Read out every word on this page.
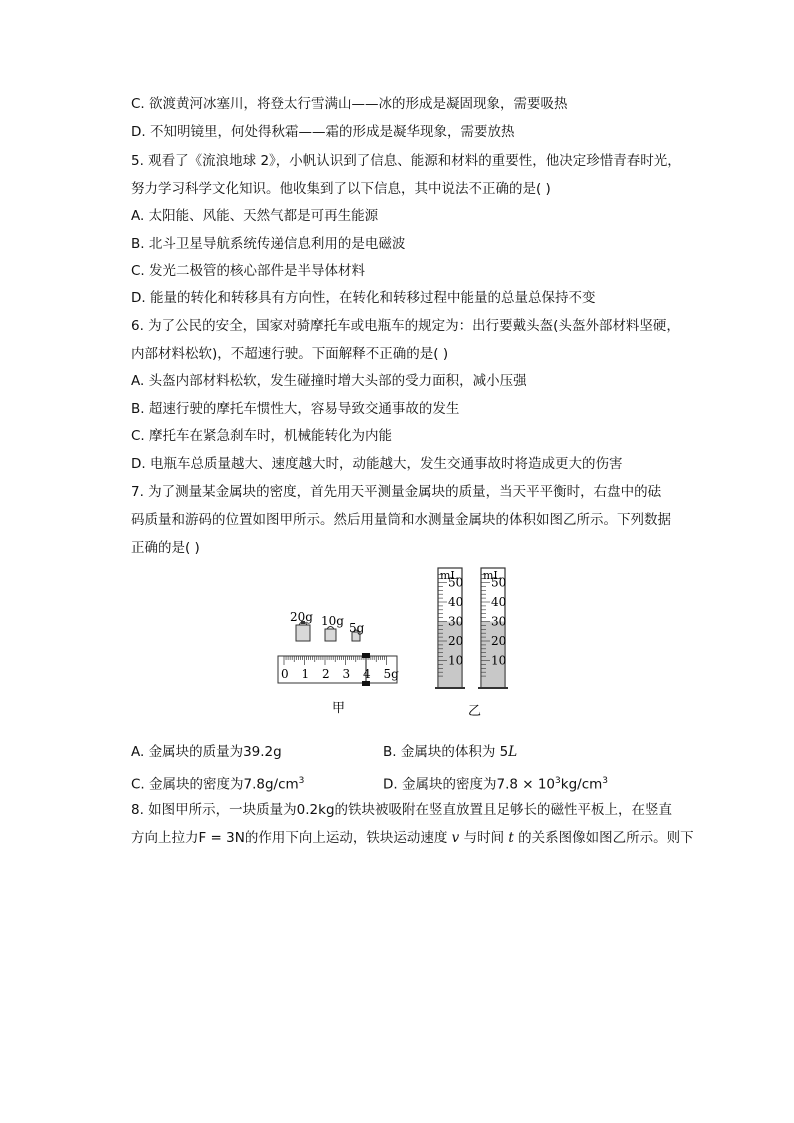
C. 欲渡黄河冰塞川，将登太行雪满山——冰的形成是凝固现象，需要吸热
D. 不知明镜里，何处得秋霜——霜的形成是凝华现象，需要放热
5. 观看了《流浪地球 2》，小帆认识到了信息、能源和材料的重要性，他决定珍惜青春时光，
努力学习科学文化知识。他收集到了以下信息，其中说法不正确的是( )
A. 太阳能、风能、天然气都是可再生能源
B. 北斗卫星导航系统传递信息利用的是电磁波
C. 发光二极管的核心部件是半导体材料
D. 能量的转化和转移具有方向性，在转化和转移过程中能量的总量总保持不变
6. 为了公民的安全，国家对骑摩托车或电瓶车的规定为：出行要戴头盔(头盔外部材料坚硬，
内部材料松软)，不超速行驶。下面解释不正确的是( )
A. 头盔内部材料松软，发生碰撞时增大头部的受力面积，减小压强
B. 超速行驶的摩托车惯性大，容易导致交通事故的发生
C. 摩托车在紧急刹车时，机械能转化为内能
D. 电瓶车总质量越大、速度越大时，动能越大，发生交通事故时将造成更大的伤害
7. 为了测量某金属块的密度，首先用天平测量金属块的质量，当天平平衡时，右盘中的砝
码质量和游码的位置如图甲所示。然后用量筒和水测量金属块的体积如图乙所示。下列数据
正确的是( )
20g 10g 5g
0 1 2 3 4 5g
mL
50
40
30
20
10
mL
50
40
30
20
10
甲	乙
A. 金属块的质量为39.2g	B. 金属块的体积为 5L
C. 金属块的密度为$7.8g/cm^3$	D. 金属块的密度为$7.8 \times 10^3kg/cm^3$
8. 如图甲所示，一块质量为0.2kg的铁块被吸附在竖直放置且足够长的磁性平板上，在竖直
方向上拉力F = 3N的作用下向上运动，铁块运动速度 v 与时间 t 的关系图像如图乙所示。则下
